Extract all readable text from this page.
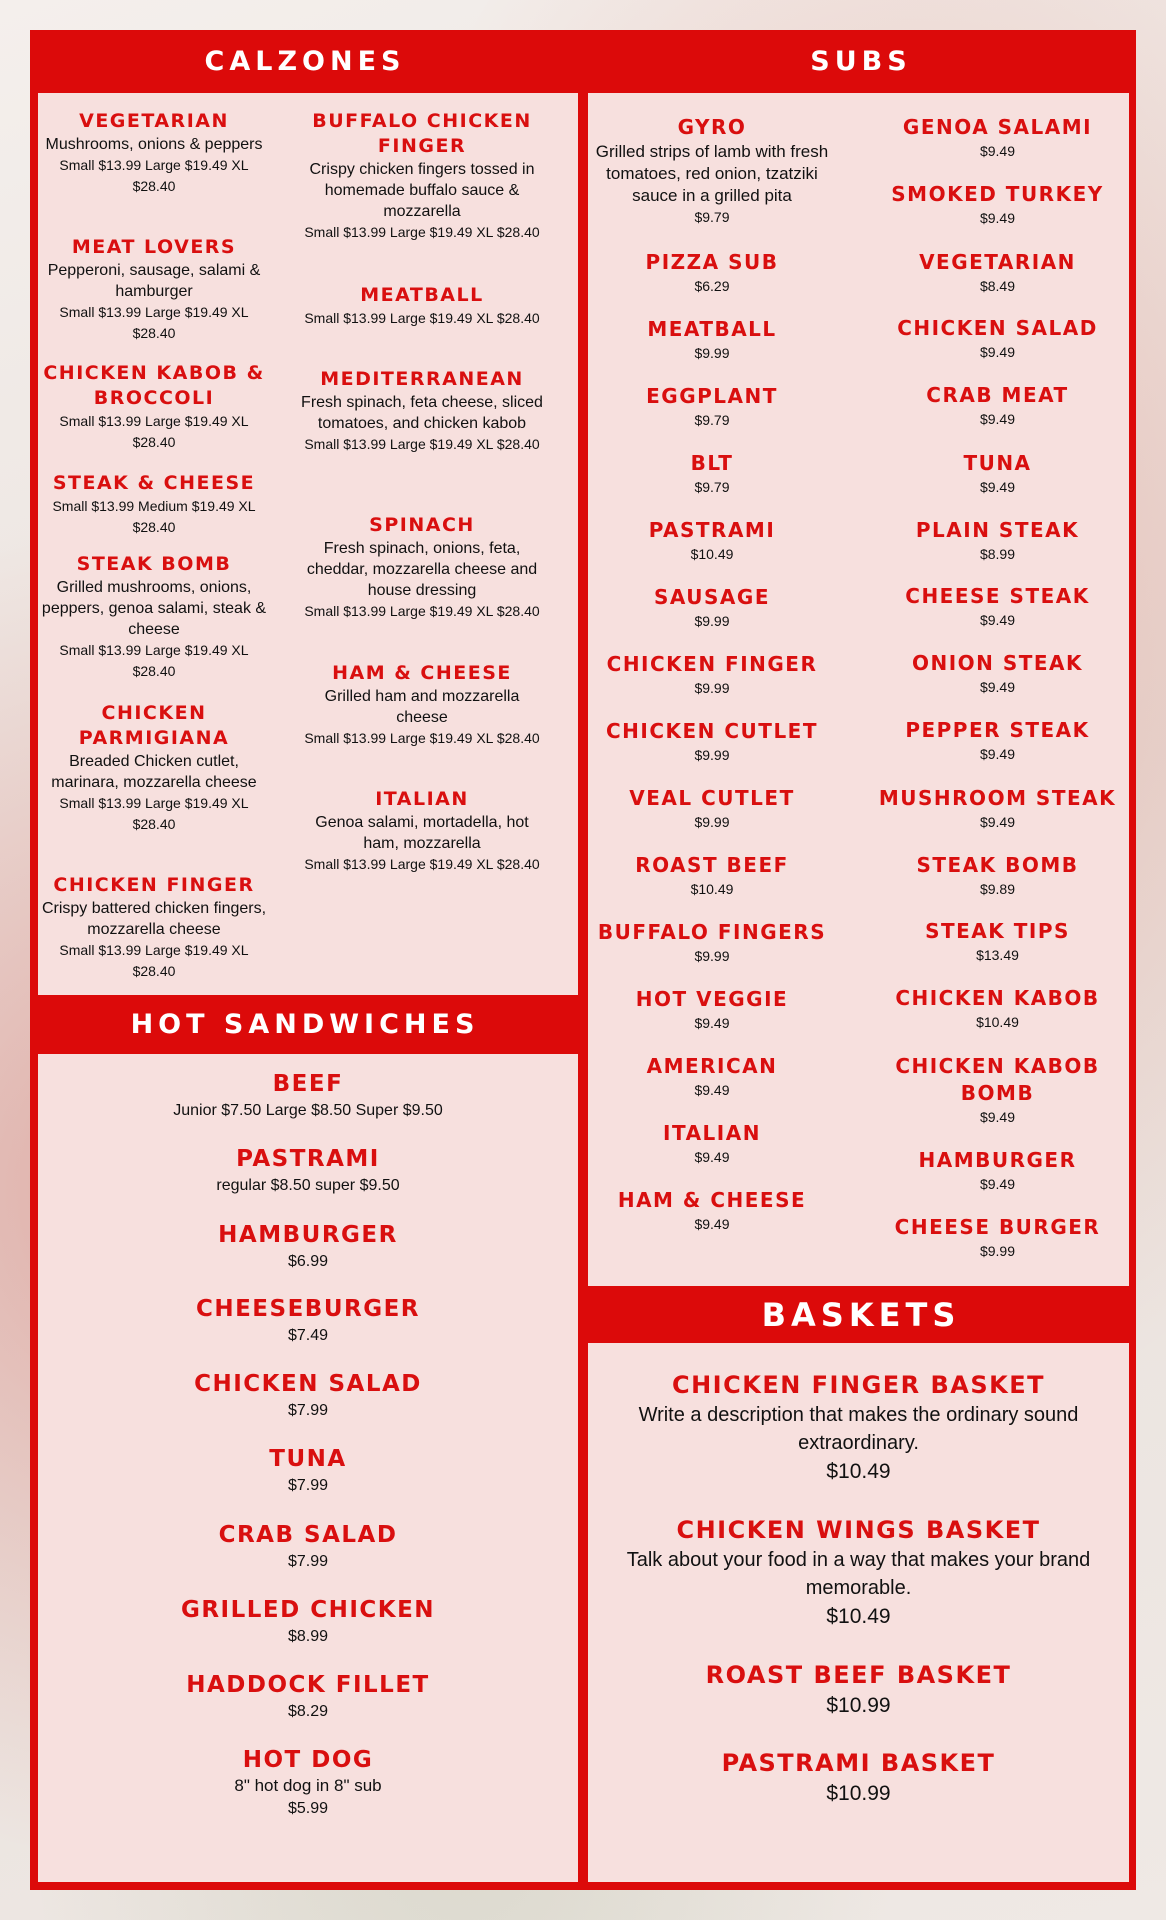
CALZONES
VEGETARIAN
Mushrooms, onions & peppers
Small $13.99 Large $19.49 XL $28.40
MEAT LOVERS
Pepperoni, sausage, salami & hamburger
Small $13.99 Large $19.49 XL $28.40
CHICKEN KABOB & BROCCOLI
Small $13.99 Large $19.49 XL $28.40
STEAK & CHEESE
Small $13.99 Medium $19.49 XL $28.40
STEAK BOMB
Grilled mushrooms, onions, peppers, genoa salami, steak & cheese
Small $13.99 Large $19.49 XL $28.40
CHICKEN PARMIGIANA
Breaded Chicken cutlet, marinara, mozzarella cheese
Small $13.99 Large $19.49 XL $28.40
CHICKEN FINGER
Crispy battered chicken fingers, mozzarella cheese
Small $13.99 Large $19.49 XL $28.40
BUFFALO CHICKEN FINGER
Crispy chicken fingers tossed in homemade buffalo sauce & mozzarella
Small $13.99 Large $19.49 XL $28.40
MEATBALL
Small $13.99 Large $19.49 XL $28.40
MEDITERRANEAN
Fresh spinach, feta cheese, sliced tomatoes, and chicken kabob
Small $13.99 Large $19.49 XL $28.40
SPINACH
Fresh spinach, onions, feta, cheddar, mozzarella cheese and house dressing
Small $13.99 Large $19.49 XL $28.40
HAM & CHEESE
Grilled ham and mozzarella cheese
Small $13.99 Large $19.49 XL $28.40
ITALIAN
Genoa salami, mortadella, hot ham, mozzarella
Small $13.99 Large $19.49 XL $28.40
HOT SANDWICHES
BEEF
Junior $7.50 Large $8.50 Super $9.50
PASTRAMI
regular $8.50 super $9.50
HAMBURGER
$6.99
CHEESEBURGER
$7.49
CHICKEN SALAD
$7.99
TUNA
$7.99
CRAB SALAD
$7.99
GRILLED CHICKEN
$8.99
HADDOCK FILLET
$8.29
HOT DOG
8" hot dog in 8" sub
$5.99
SUBS
GYRO
Grilled strips of lamb with fresh tomatoes, red onion, tzatziki sauce in a grilled pita
$9.79
PIZZA SUB
$6.29
MEATBALL
$9.99
EGGPLANT
$9.79
BLT
$9.79
PASTRAMI
$10.49
SAUSAGE
$9.99
CHICKEN FINGER
$9.99
CHICKEN CUTLET
$9.99
VEAL CUTLET
$9.99
ROAST BEEF
$10.49
BUFFALO FINGERS
$9.99
HOT VEGGIE
$9.49
AMERICAN
$9.49
ITALIAN
$9.49
HAM & CHEESE
$9.49
GENOA SALAMI
$9.49
SMOKED TURKEY
$9.49
VEGETARIAN
$8.49
CHICKEN SALAD
$9.49
CRAB MEAT
$9.49
TUNA
$9.49
PLAIN STEAK
$8.99
CHEESE STEAK
$9.49
ONION STEAK
$9.49
PEPPER STEAK
$9.49
MUSHROOM STEAK
$9.49
STEAK BOMB
$9.89
STEAK TIPS
$13.49
CHICKEN KABOB
$10.49
CHICKEN KABOB BOMB
$9.49
HAMBURGER
$9.49
CHEESE BURGER
$9.99
BASKETS
CHICKEN FINGER BASKET
Write a description that makes the ordinary sound extraordinary.
$10.49
CHICKEN WINGS BASKET
Talk about your food in a way that makes your brand memorable.
$10.49
ROAST BEEF BASKET
$10.99
PASTRAMI BASKET
$10.99
